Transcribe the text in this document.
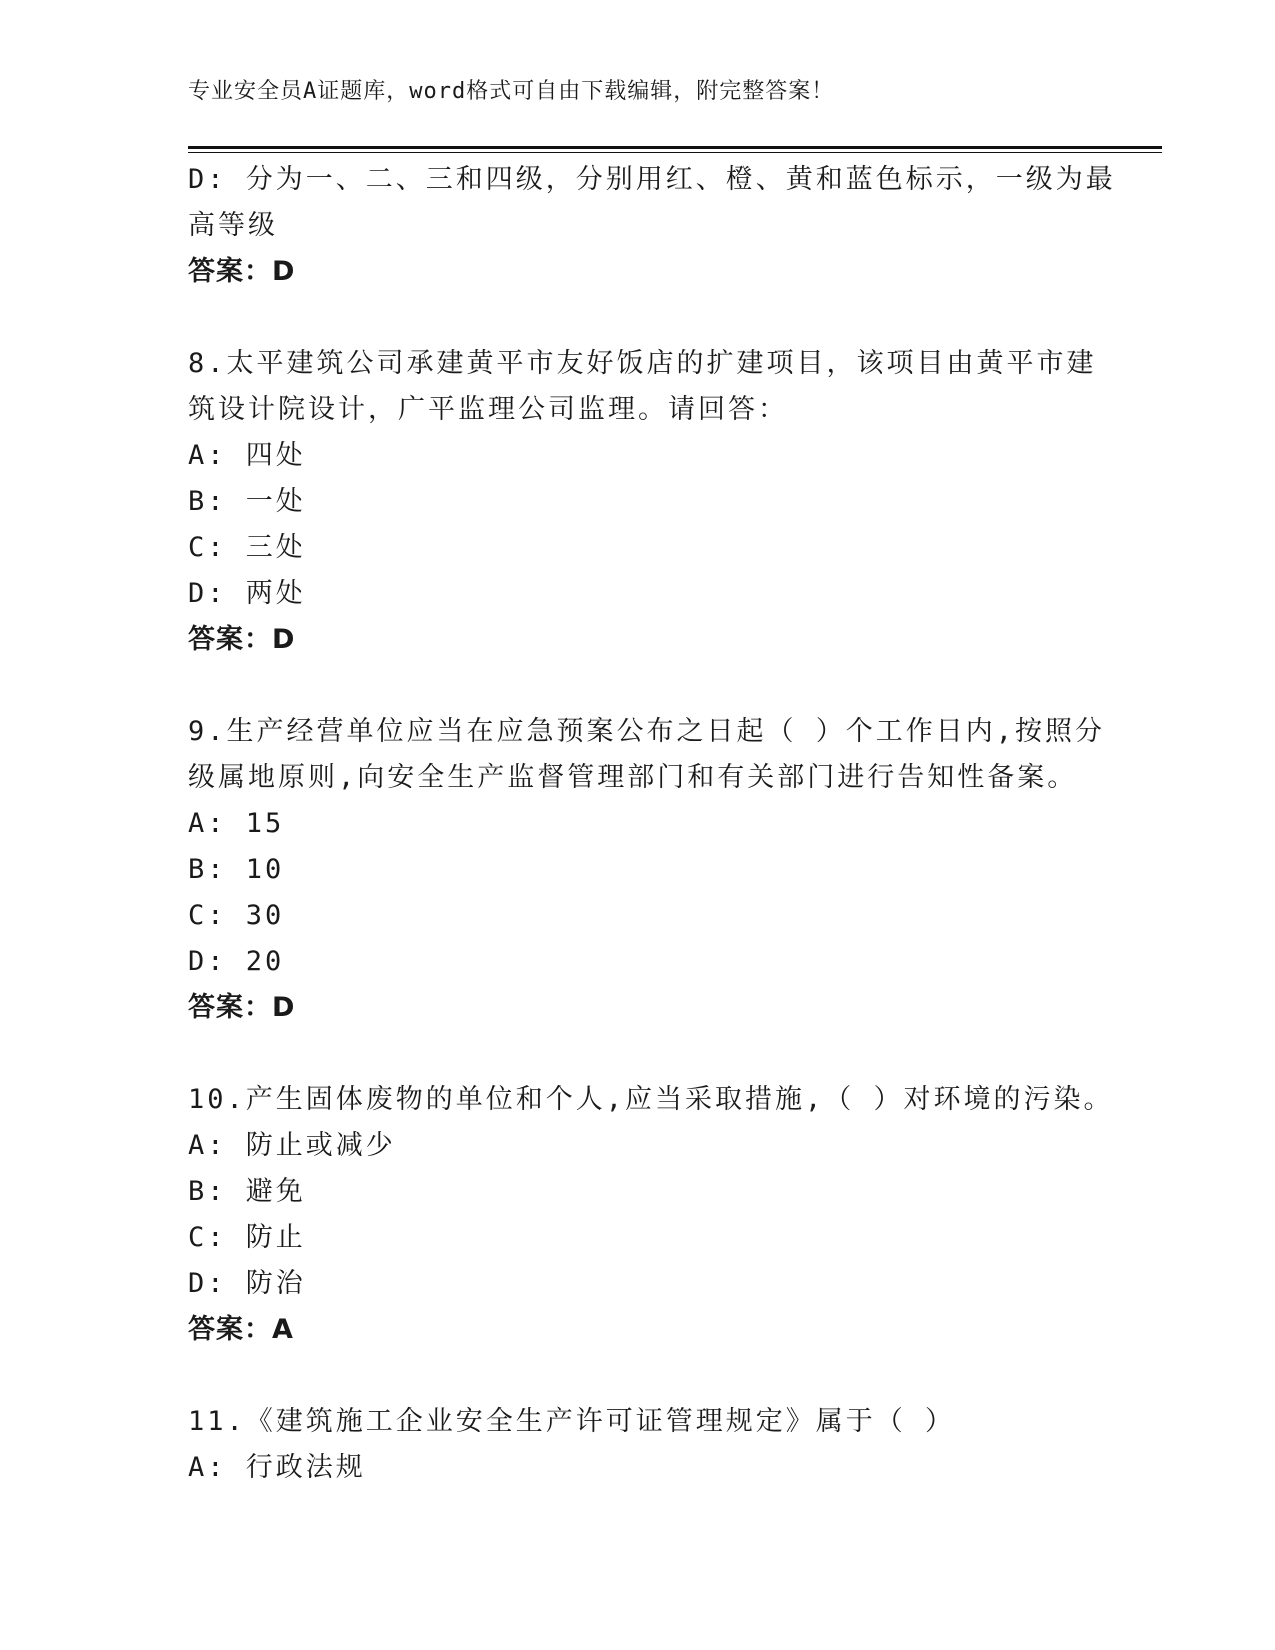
专业安全员A证题库，word格式可自由下载编辑，附完整答案！
D: 分为一、二、三和四级，分别用红、橙、黄和蓝色标示，一级为最
高等级
答案：D
8.太平建筑公司承建黄平市友好饭店的扩建项目，该项目由黄平市建
筑设计院设计，广平监理公司监理。请回答：
A: 四处
B: 一处
C: 三处
D: 两处
答案：D
9.生产经营单位应当在应急预案公布之日起（ ）个工作日内,按照分
级属地原则,向安全生产监督管理部门和有关部门进行告知性备案。
A: 15
B: 10
C: 30
D: 20
答案：D
10.产生固体废物的单位和个人,应当采取措施,（ ）对环境的污染。
A: 防止或减少
B: 避免
C: 防止
D: 防治
答案：A
11.《建筑施工企业安全生产许可证管理规定》属于（ ）
A: 行政法规
